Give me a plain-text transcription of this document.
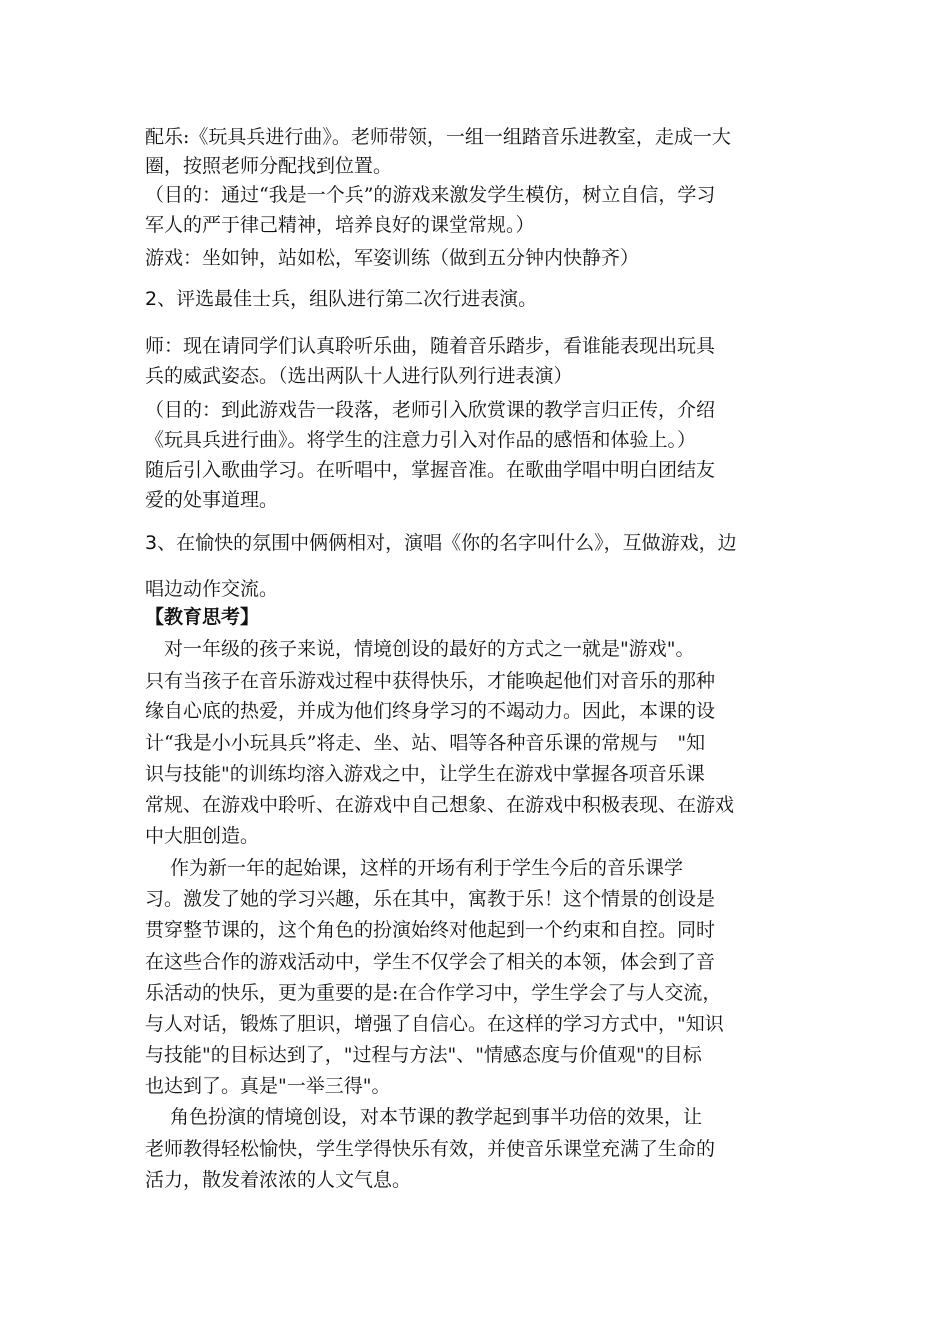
配乐:《玩具兵进行曲》。老师带领，一组一组踏音乐进教室，走成一大
圈，按照老师分配找到位置。
（目的：通过“我是一个兵”的游戏来激发学生模仿，树立自信，学习
军人的严于律己精神，培养良好的课堂常规。）
游戏：坐如钟，站如松，军姿训练（做到五分钟内快静齐）
2、评选最佳士兵，组队进行第二次行进表演。
师：现在请同学们认真聆听乐曲，随着音乐踏步，看谁能表现出玩具
兵的威武姿态。（选出两队十人进行队列行进表演）
（目的：到此游戏告一段落，老师引入欣赏课的教学言归正传，介绍
《玩具兵进行曲》。将学生的注意力引入对作品的感悟和体验上。）
随后引入歌曲学习。在听唱中，掌握音准。在歌曲学唱中明白团结友
爱的处事道理。
3、在愉快的氛围中俩俩相对，演唱《你的名字叫什么》，互做游戏，边
唱边动作交流。
【教育思考】
　对一年级的孩子来说，情境创设的最好的方式之一就是"游戏"。
只有当孩子在音乐游戏过程中获得快乐，才能唤起他们对音乐的那种
缘自心底的热爱，并成为他们终身学习的不竭动力。因此，本课的设
计“我是小小玩具兵”将走、坐、站、唱等各种音乐课的常规与　"知
识与技能"的训练均溶入游戏之中，让学生在游戏中掌握各项音乐课
常规、在游戏中聆听、在游戏中自己想象、在游戏中积极表现、在游戏
中大胆创造。
　 作为新一年的起始课，这样的开场有利于学生今后的音乐课学
习。激发了她的学习兴趣，乐在其中，寓教于乐！这个情景的创设是
贯穿整节课的，这个角色的扮演始终对他起到一个约束和自控。同时
在这些合作的游戏活动中，学生不仅学会了相关的本领，体会到了音
乐活动的快乐，更为重要的是:在合作学习中，学生学会了与人交流，
与人对话，锻炼了胆识，增强了自信心。在这样的学习方式中，"知识
与技能"的目标达到了，"过程与方法"、"情感态度与价值观"的目标
也达到了。真是"一举三得"。
　 角色扮演的情境创设，对本节课的教学起到事半功倍的效果，让
老师教得轻松愉快，学生学得快乐有效，并使音乐课堂充满了生命的
活力，散发着浓浓的人文气息。
